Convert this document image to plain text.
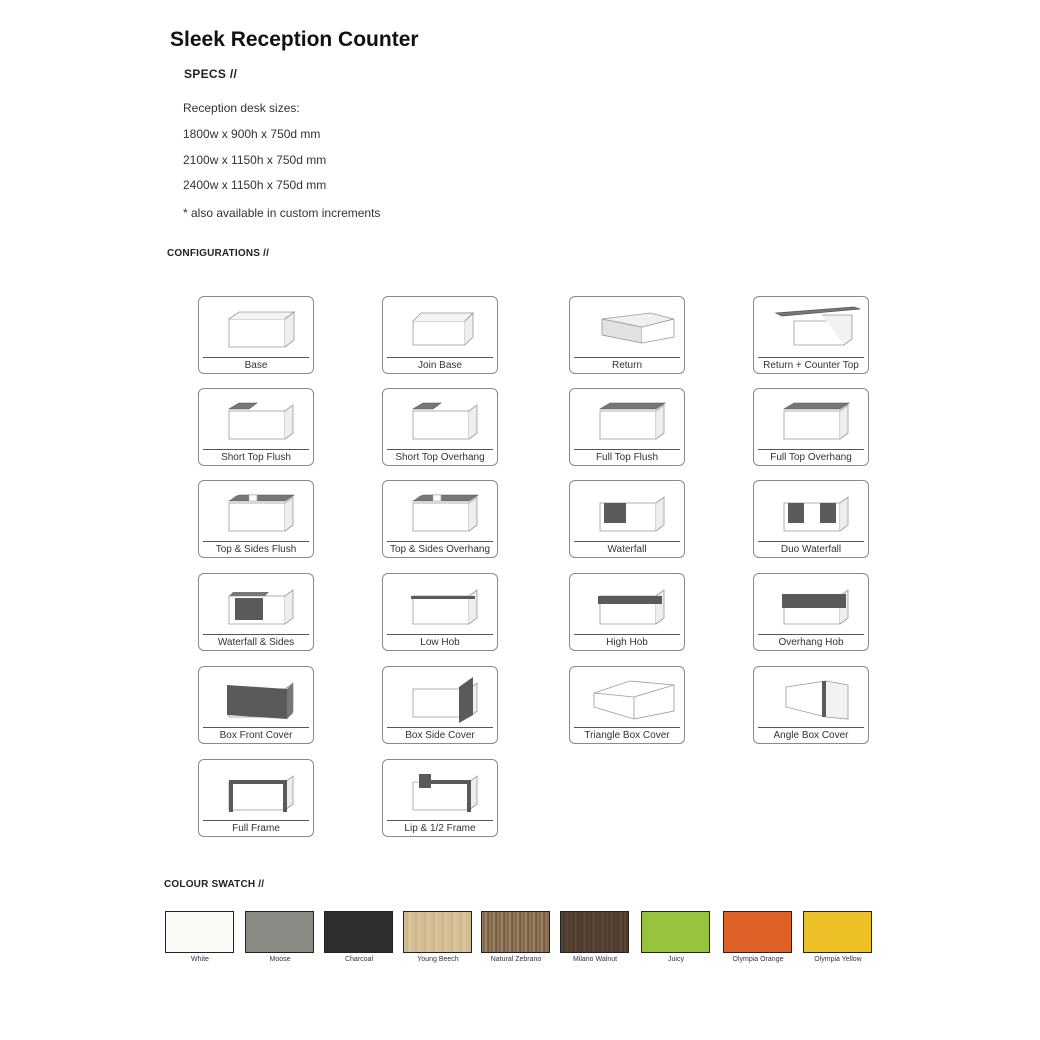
Sleek Reception Counter
SPECS //
Reception desk sizes:
1800w x 900h x 750d mm
2100w x 1150h x 750d mm
2400w x 1150h x 750d mm
* also available in custom increments
CONFIGURATIONS //
Base	Join Base	Return	Return + Counter Top
Short Top Flush	Short Top Overhang	Full Top Flush	Full Top Overhang
Top & Sides Flush	Top & Sides Overhang	Waterfall	Duo Waterfall
Waterfall & Sides	Low Hob	High Hob	Overhang Hob
Box Front Cover	Box Side Cover	Triangle Box Cover	Angle Box Cover
Full Frame	Lip & 1/2 Frame
COLOUR SWATCH //
White	Moose	Charcoal	Young Beech	Natural Zebrano	Milano Walnut	Juicy	Olympia Orange	Olympia Yellow
